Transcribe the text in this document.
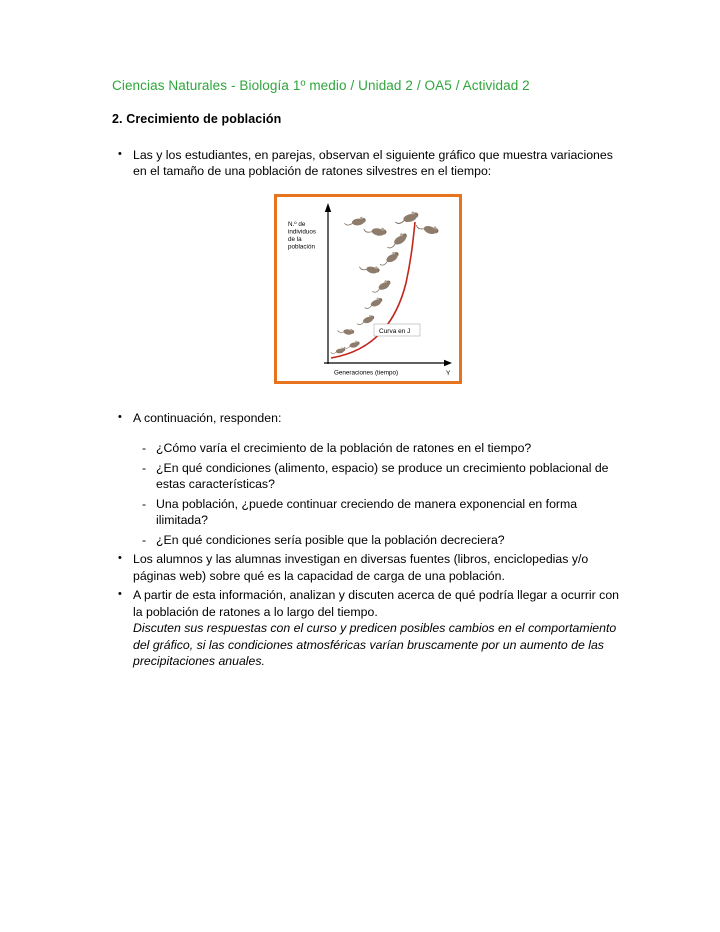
Ciencias Naturales - Biología 1º medio / Unidad 2 / OA5 / Actividad 2
2. Crecimiento de población
• Las y los estudiantes, en parejas, observan el siguiente gráfico que muestra variaciones en el tamaño de una población de ratones silvestres en el tiempo:
N.º de individuos de la población
Curva en J
Generaciones (tiempo)	Y
• A continuación, responden:
- ¿Cómo varía el crecimiento de la población de ratones en el tiempo?
- ¿En qué condiciones (alimento, espacio) se produce un crecimiento poblacional de estas características?
- Una población, ¿puede continuar creciendo de manera exponencial en forma ilimitada?
- ¿En qué condiciones sería posible que la población decreciera?
• Los alumnos y las alumnas investigan en diversas fuentes (libros, enciclopedias y/o páginas web) sobre qué es la capacidad de carga de una población.
• A partir de esta información, analizan y discuten acerca de qué podría llegar a ocurrir con la población de ratones a lo largo del tiempo.
Discuten sus respuestas con el curso y predicen posibles cambios en el comportamiento del gráfico, si las condiciones atmosféricas varían bruscamente por un aumento de las precipitaciones anuales.
